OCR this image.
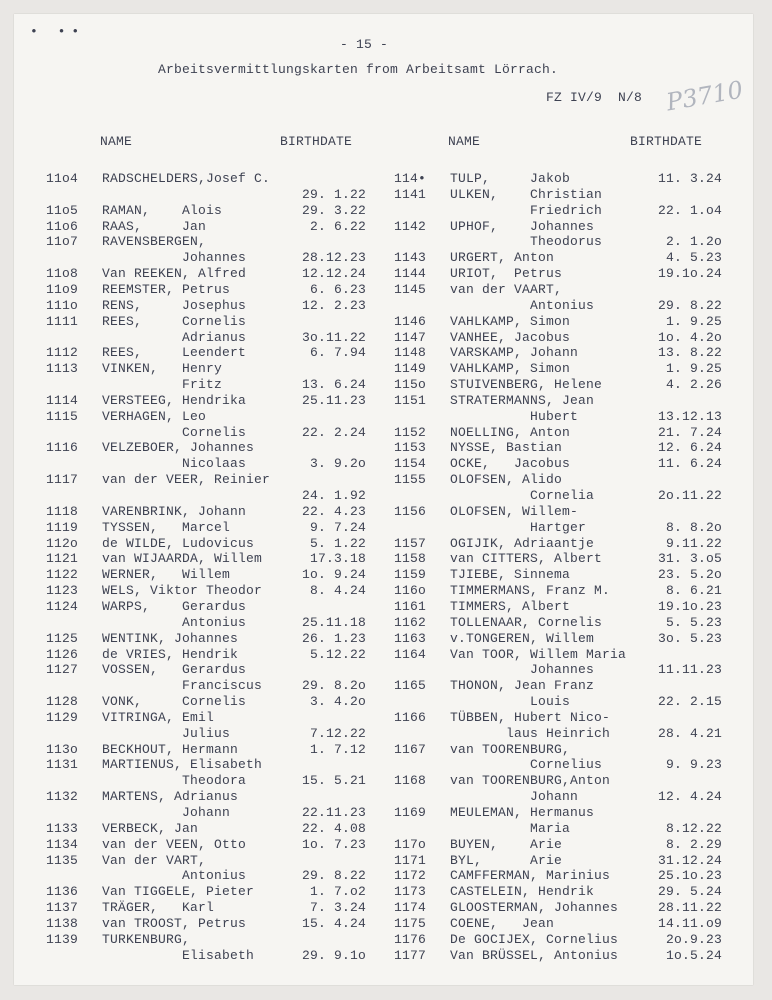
• ••
- 15 -
Arbeitsvermittlungskarten from Arbeitsamt Lörrach.
FZ IV/9  N/8 P3710
NAME	BIRTHDATE	NAME	BIRTHDATE
11o4 RADSCHELDERS,Josef C.
29. 1.22
11o5 RAMAN,    Alois	29. 3.22
11o6 RAAS,     Jan	2. 6.22
11o7 RAVENSBERGEN,
Johannes	28.12.23
11o8 Van REEKEN, Alfred	12.12.24
11o9 REEMSTER, Petrus	6. 6.23
111o RENS,     Josephus	12. 2.23
1111 REES,     Cornelis
Adrianus	3o.11.22
1112 REES,     Leendert	6. 7.94
1113 VINKEN,   Henry
Fritz	13. 6.24
1114 VERSTEEG, Hendrika	25.11.23
1115 VERHAGEN, Leo
Cornelis	22. 2.24
1116 VELZEBOER, Johannes
Nicolaas	3. 9.2o
1117 van der VEER, Reinier
24. 1.92
1118 VARENBRINK, Johann	22. 4.23
1119 TYSSEN,   Marcel	9. 7.24
112o de WILDE, Ludovicus	5. 1.22
1121 van WIJAARDA, Willem	17.3.18
1122 WERNER,   Willem	1o. 9.24
1123 WELS, Viktor Theodor	8. 4.24
1124 WARPS,    Gerardus
Antonius	25.11.18
1125 WENTINK, Johannes	26. 1.23
1126 de VRIES, Hendrik	5.12.22
1127 VOSSEN,   Gerardus
Franciscus	29. 8.2o
1128 VONK,     Cornelis	3. 4.2o
1129 VITRINGA, Emil
Julius	7.12.22
113o BECKHOUT, Hermann	1. 7.12
1131 MARTIENUS, Elisabeth
Theodora	15. 5.21
1132 MARTENS, Adrianus
Johann	22.11.23
1133 VERBECK, Jan	22. 4.08
1134 van der VEEN, Otto	1o. 7.23
1135 Van der VART,
Antonius	29. 8.22
1136 Van TIGGELE, Pieter	1. 7.o2
1137 TRÄGER,   Karl	7. 3.24
1138 van TROOST, Petrus	15. 4.24
1139 TURKENBURG,
Elisabeth	29. 9.1o
114• TULP,     Jakob	11. 3.24
1141 ULKEN,    Christian
Friedrich	22. 1.o4
1142 UPHOF,    Johannes
Theodorus	2. 1.2o
1143 URGERT, Anton	4. 5.23
1144 URIOT,  Petrus	19.1o.24
1145 van der VAART,
Antonius	29. 8.22
1146 VAHLKAMP, Simon	1. 9.25
1147 VANHEE, Jacobus	1o. 4.2o
1148 VARSKAMP, Johann	13. 8.22
1149 VAHLKAMP, Simon	1. 9.25
115o STUIVENBERG, Helene	4. 2.26
1151 STRATERMANNS, Jean
Hubert	13.12.13
1152 NOELLING, Anton	21. 7.24
1153 NYSSE, Bastian	12. 6.24
1154 OCKE,   Jacobus	11. 6.24
1155 OLOFSEN, Alido
Cornelia	2o.11.22
1156 OLOFSEN, Willem-
Hartger	8. 8.2o
1157 OGIJIK, Adriaantje	9.11.22
1158 van CITTERS, Albert	31. 3.o5
1159 TJIEBE, Sinnema	23. 5.2o
116o TIMMERMANS, Franz M.	8. 6.21
1161 TIMMERS, Albert	19.1o.23
1162 TOLLENAAR, Cornelis	5. 5.23
1163 v.TONGEREN, Willem	3o. 5.23
1164 Van TOOR, Willem Maria
Johannes	11.11.23
1165 THONON, Jean Franz
Louis	22. 2.15
1166 TÜBBEN, Hubert Nico-
laus Heinrich	28. 4.21
1167 van TOORENBURG,
Cornelius	9. 9.23
1168 van TOORENBURG,Anton
Johann	12. 4.24
1169 MEULEMAN, Hermanus
Maria	8.12.22
117o BUYEN,    Arie	8. 2.29
1171 BYL,      Arie	31.12.24
1172 CAMFFERMAN, Marinius	25.1o.23
1173 CASTELEIN, Hendrik	29. 5.24
1174 GLOOSTERMAN, Johannes	28.11.22
1175 COENE,   Jean	14.11.o9
1176 De GOCIJEX, Cornelius	2o.9.23
1177 Van BRÜSSEL, Antonius	1o.5.24
